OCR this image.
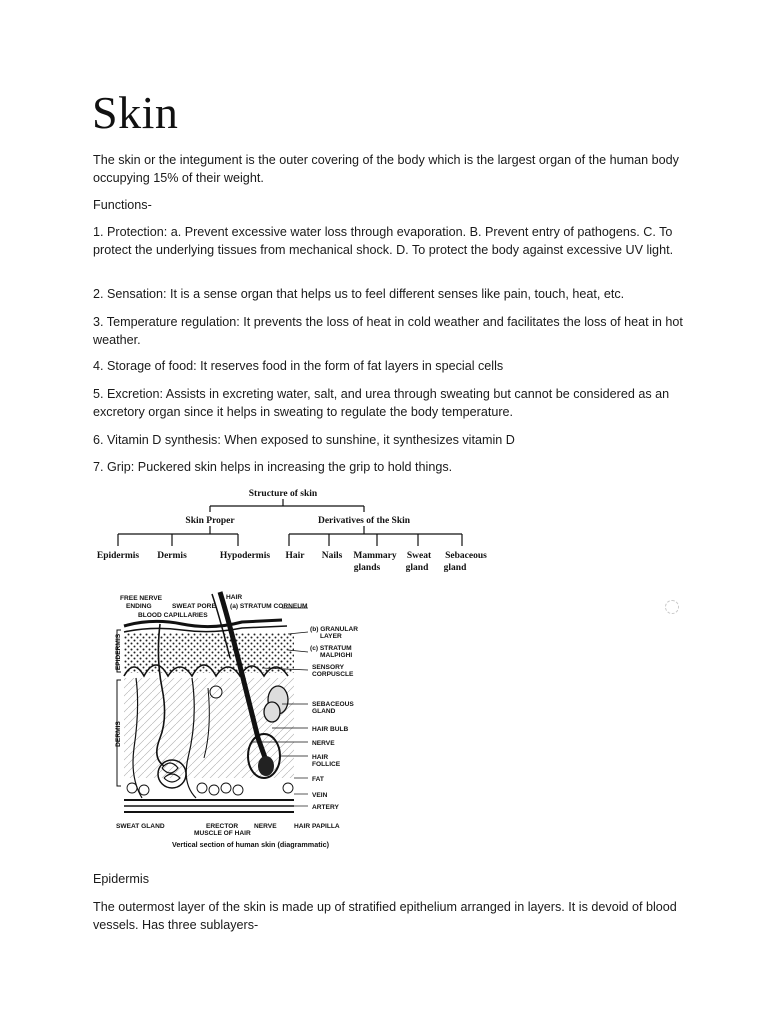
Skin

The skin or the integument is the outer covering of the body which is the largest organ of the human body occupying 15% of their weight.

Functions-

1. Protection: a. Prevent excessive water loss through evaporation. B. Prevent entry of pathogens. C. To protect the underlying tissues from mechanical shock. D. To protect the body against excessive UV light.

2. Sensation: It is a sense organ that helps us to feel different senses like pain, touch, heat, etc.

3. Temperature regulation: It prevents the loss of heat in cold weather and facilitates the loss of heat in hot weather.

4. Storage of food: It reserves food in the form of fat layers in special cells

5. Excretion: Assists in excreting water, salt, and urea through sweating but cannot be considered as an excretory organ since it helps in sweating to regulate the body temperature.

6. Vitamin D synthesis: When exposed to sunshine, it synthesizes vitamin D

7. Grip: Puckered skin helps in increasing the grip to hold things.

Structure of skin
Skin Proper	Derivatives of the Skin
Epidermis Dermis	Hypodermis Hair Nails Mammary
glands
Sweat
gland
Sebaceous
gland
FREE NERVE
ENDING	SWEAT PORE
BLOOD CAPILLARIES
HAIR
(a) STRATUM CORNEUM
(b) GRANULAR
LAYER
(c) STRATUM
MALPIGHI
SENSORY
CORPUSCLE
SEBACEOUS
GLAND
HAIR BULB
NERVE
HAIR
FOLLICE
FAT
VEIN
ARTERY
SWEAT GLAND	ERECTOR
MUSCLE OF HAIR
NERVE	HAIR PAPILLA
Vertical section of human skin (diagrammatic)
EPIDERMIS
DERMIS

Epidermis

The outermost layer of the skin is made up of stratified epithelium arranged in layers. It is devoid of blood vessels. Has three sublayers-
